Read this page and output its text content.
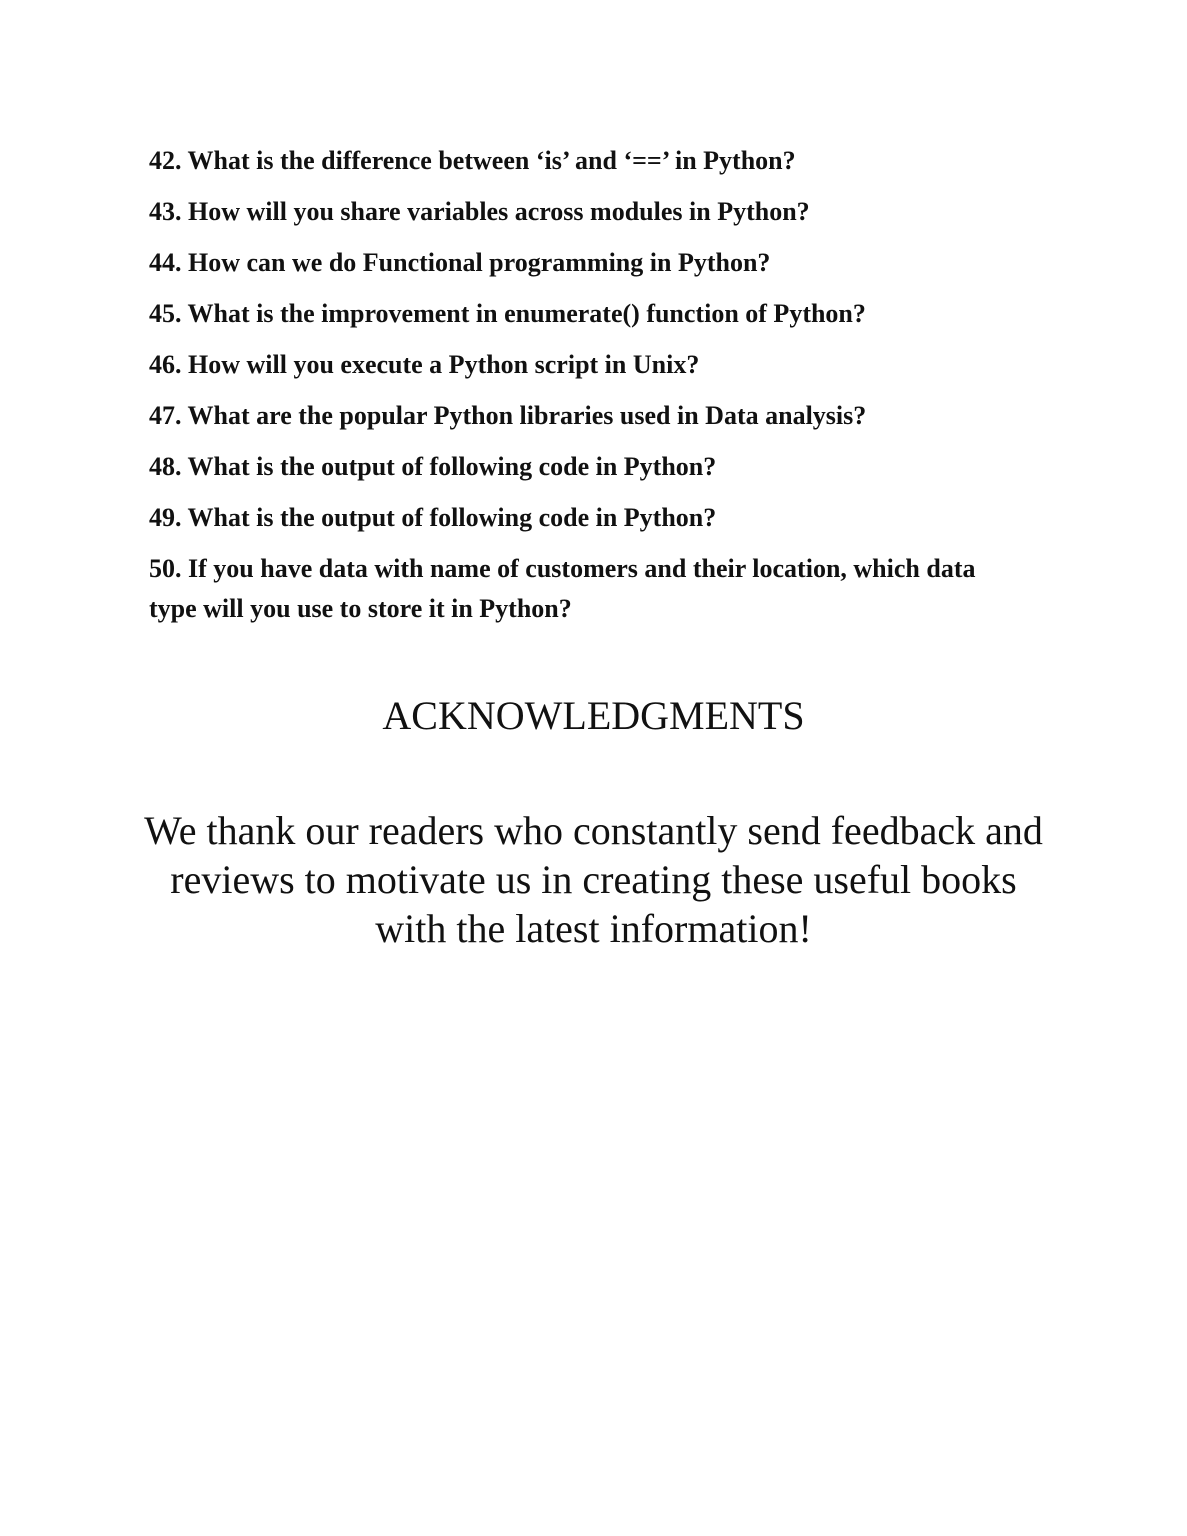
42. What is the difference between ‘is’ and ‘==’ in Python?
43. How will you share variables across modules in Python?
44. How can we do Functional programming in Python?
45. What is the improvement in enumerate() function of Python?
46. How will you execute a Python script in Unix?
47. What are the popular Python libraries used in Data analysis?
48. What is the output of following code in Python?
49. What is the output of following code in Python?
50. If you have data with name of customers and their location, which data type will you use to store it in Python?
ACKNOWLEDGMENTS

We thank our readers who constantly send feedback and reviews to motivate us in creating these useful books with the latest information!
